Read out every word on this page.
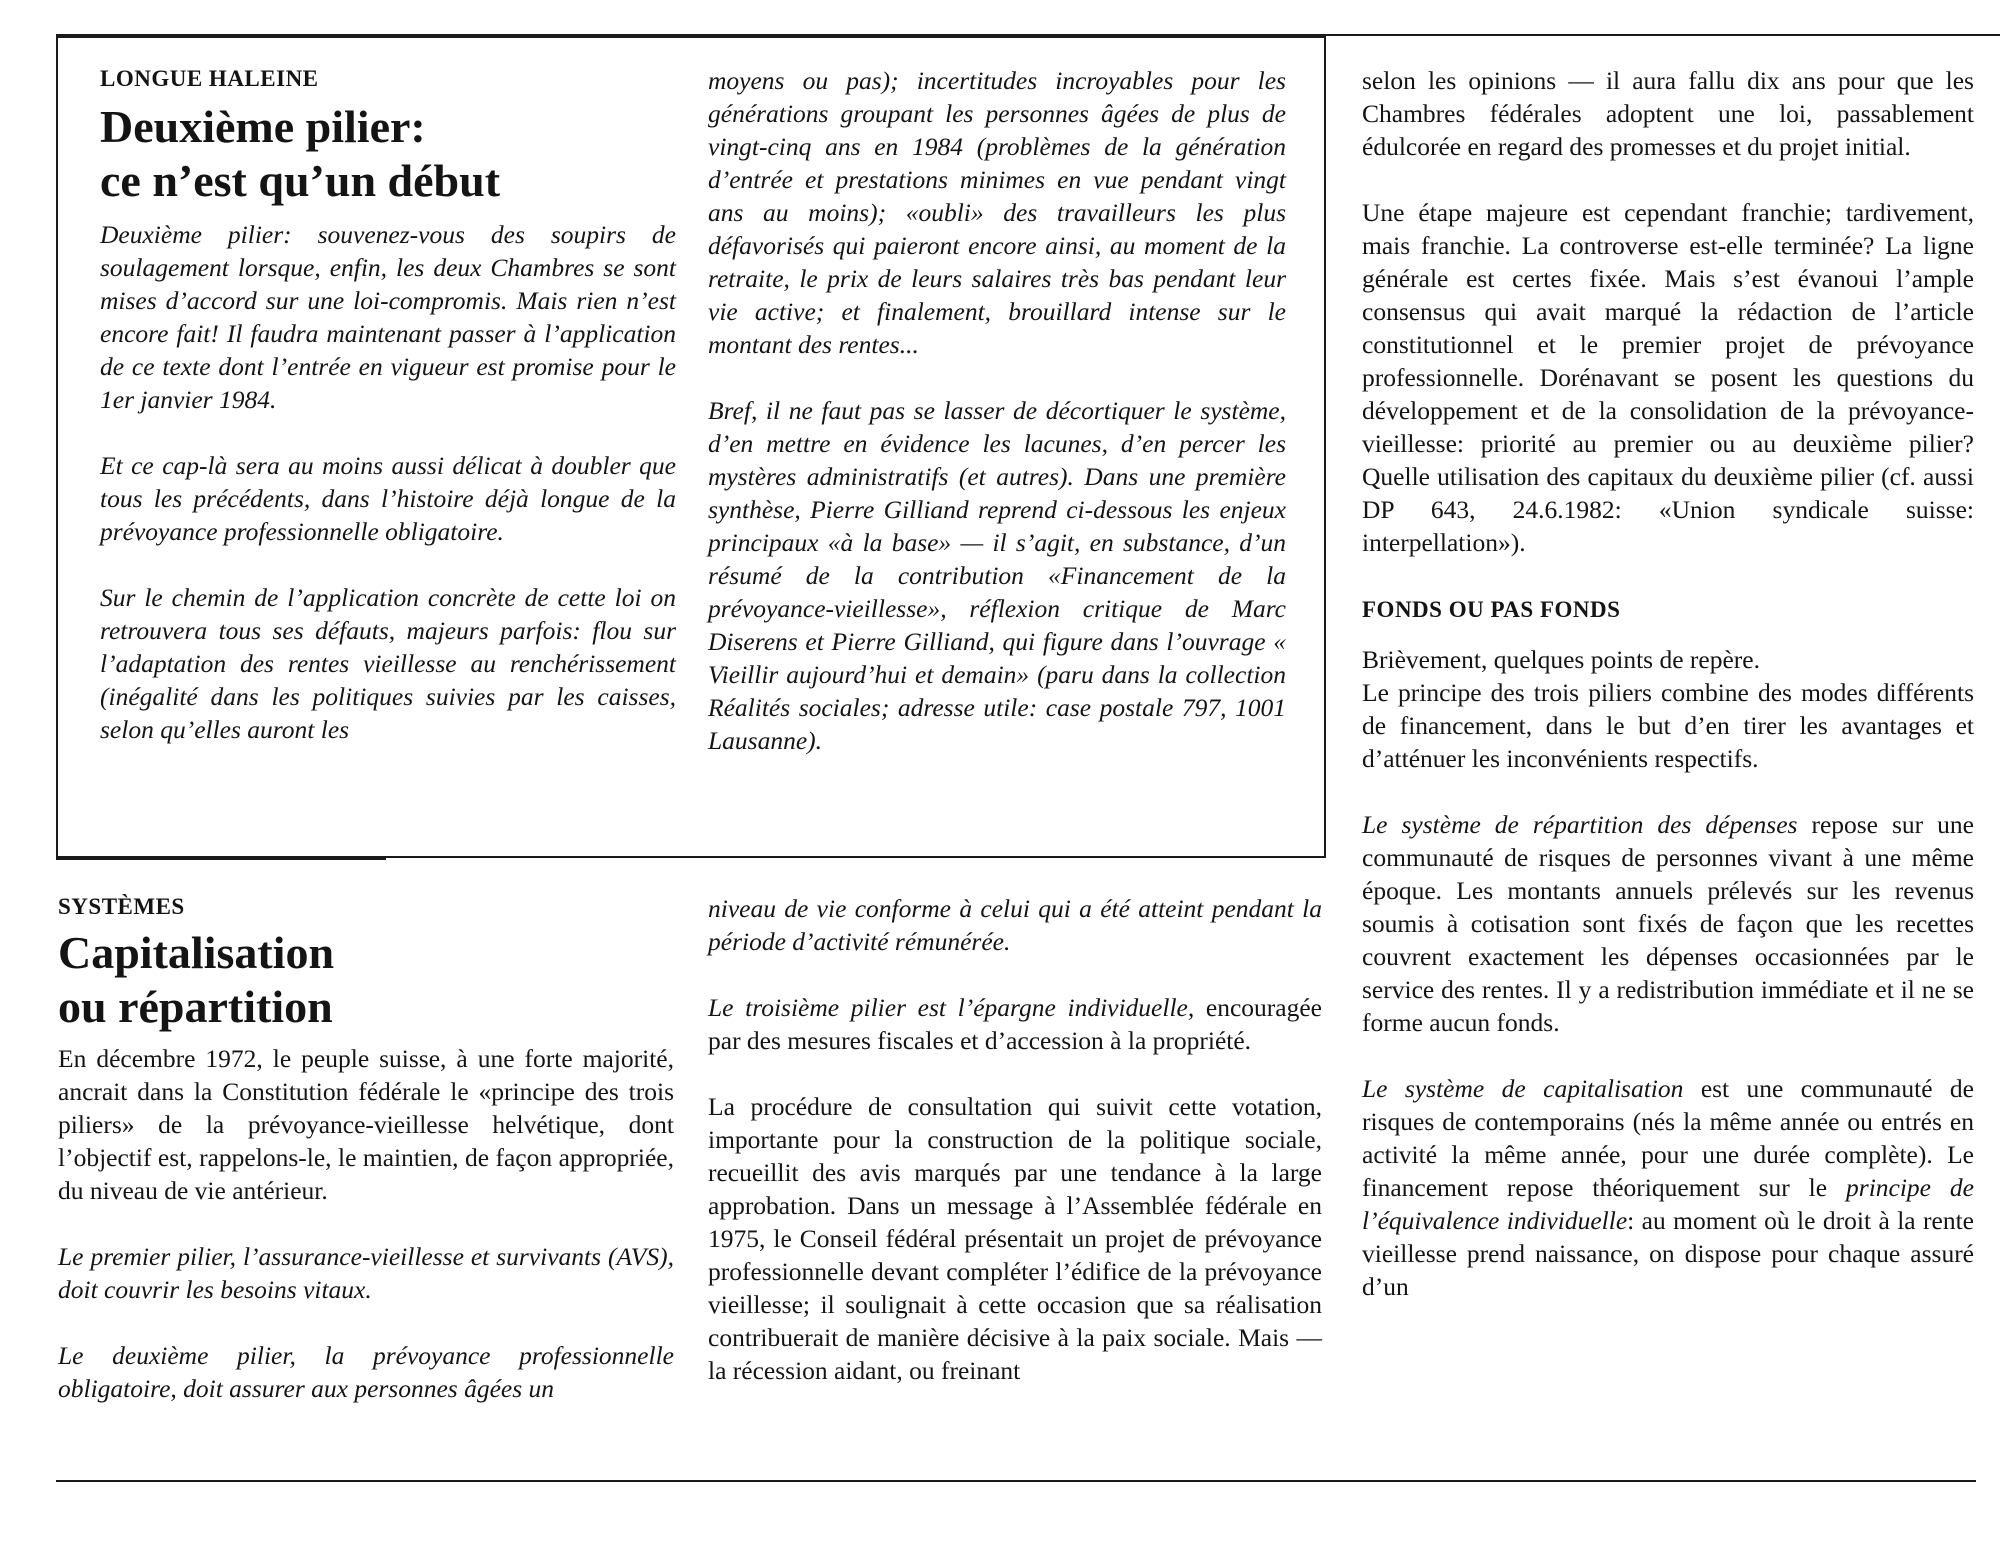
LONGUE HALEINE
Deuxième pilier:
ce n’est qu’un début

Deuxième pilier: souvenez-vous des soupirs de soulagement lorsque, enfin, les deux Chambres se sont mises d’accord sur une loi-compromis. Mais rien n’est encore fait! Il faudra maintenant passer à l’application de ce texte dont l’entrée en vigueur est promise pour le 1er janvier 1984.

Et ce cap-là sera au moins aussi délicat à doubler que tous les précédents, dans l’histoire déjà longue de la prévoyance professionnelle obligatoire.

Sur le chemin de l’application concrète de cette loi on retrouvera tous ses défauts, majeurs parfois: flou sur l’adaptation des rentes vieillesse au renchérissement (inégalité dans les politiques suivies par les caisses, selon qu’elles auront les

moyens ou pas); incertitudes incroyables pour les générations groupant les personnes âgées de plus de vingt-cinq ans en 1984 (problèmes de la génération d’entrée et prestations minimes en vue pendant vingt ans au moins); «oubli» des travailleurs les plus défavorisés qui paieront encore ainsi, au moment de la retraite, le prix de leurs salaires très bas pendant leur vie active; et finalement, brouillard intense sur le montant des rentes...

Bref, il ne faut pas se lasser de décortiquer le système, d’en mettre en évidence les lacunes, d’en percer les mystères administratifs (et autres). Dans une première synthèse, Pierre Gilliand reprend ci-dessous les enjeux principaux «à la base» — il s’agit, en substance, d’un résumé de la contribution «Financement de la prévoyance-vieillesse», réflexion critique de Marc Diserens et Pierre Gilliand, qui figure dans l’ouvrage « Vieillir aujourd’hui et demain» (paru dans la collection Réalités sociales; adresse utile: case postale 797, 1001 Lausanne).

SYSTÈMES
Capitalisation
ou répartition

En décembre 1972, le peuple suisse, à une forte majorité, ancrait dans la Constitution fédérale le «principe des trois piliers» de la prévoyance-vieillesse helvétique, dont l’objectif est, rappelons-le, le maintien, de façon appropriée, du niveau de vie antérieur.

Le premier pilier, l’assurance-vieillesse et survivants (AVS), doit couvrir les besoins vitaux.

Le deuxième pilier, la prévoyance professionnelle obligatoire, doit assurer aux personnes âgées un

niveau de vie conforme à celui qui a été atteint pendant la période d’activité rémunérée.

Le troisième pilier est l’épargne individuelle, encouragée par des mesures fiscales et d’accession à la propriété.

La procédure de consultation qui suivit cette votation, importante pour la construction de la politique sociale, recueillit des avis marqués par une tendance à la large approbation. Dans un message à l’Assemblée fédérale en 1975, le Conseil fédéral présentait un projet de prévoyance professionnelle devant compléter l’édifice de la prévoyance vieillesse; il soulignait à cette occasion que sa réalisation contribuerait de manière décisive à la paix sociale. Mais — la récession aidant, ou freinant

selon les opinions — il aura fallu dix ans pour que les Chambres fédérales adoptent une loi, passablement édulcorée en regard des promesses et du projet initial.

Une étape majeure est cependant franchie; tardivement, mais franchie. La controverse est-elle terminée? La ligne générale est certes fixée. Mais s’est évanoui l’ample consensus qui avait marqué la rédaction de l’article constitutionnel et le premier projet de prévoyance professionnelle. Dorénavant se posent les questions du développement et de la consolidation de la prévoyance-vieillesse: priorité au premier ou au deuxième pilier? Quelle utilisation des capitaux du deuxième pilier (cf. aussi DP 643, 24.6.1982: «Union syndicale suisse: interpellation»).

FONDS OU PAS FONDS

Brièvement, quelques points de repère.

Le principe des trois piliers combine des modes différents de financement, dans le but d’en tirer les avantages et d’atténuer les inconvénients respectifs.

Le système de répartition des dépenses repose sur une communauté de risques de personnes vivant à une même époque. Les montants annuels prélevés sur les revenus soumis à cotisation sont fixés de façon que les recettes couvrent exactement les dépenses occasionnées par le service des rentes. Il y a redistribution immédiate et il ne se forme aucun fonds.

Le système de capitalisation est une communauté de risques de contemporains (nés la même année ou entrés en activité la même année, pour une durée complète). Le financement repose théoriquement sur le principe de l’équivalence individuelle: au moment où le droit à la rente vieillesse prend naissance, on dispose pour chaque assuré d’un
